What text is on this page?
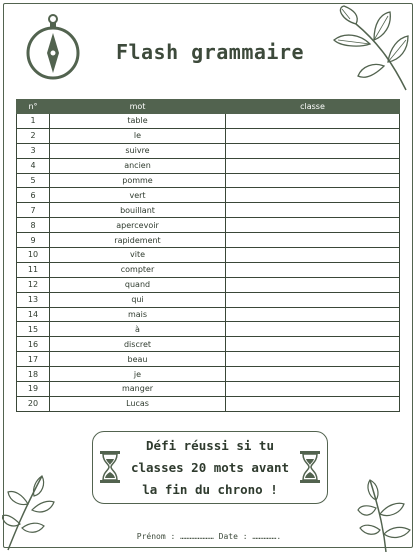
Flash grammaire
n°	mot	classe
1	table	
2	le	
3	suivre	
4	ancien	
5	pomme	
6	vert	
7	bouillant	
8	apercevoir	
9	rapidement	
10	vite	
11	compter	
12	quand	
13	qui	
14	mais	
15	à	
16	discret	
17	beau	
18	je	
19	manger	
20	Lucas	
Défi réussi si tu
classes 20 mots avant
la fin du chrono !
Prénom : ………………… Date : …………….
